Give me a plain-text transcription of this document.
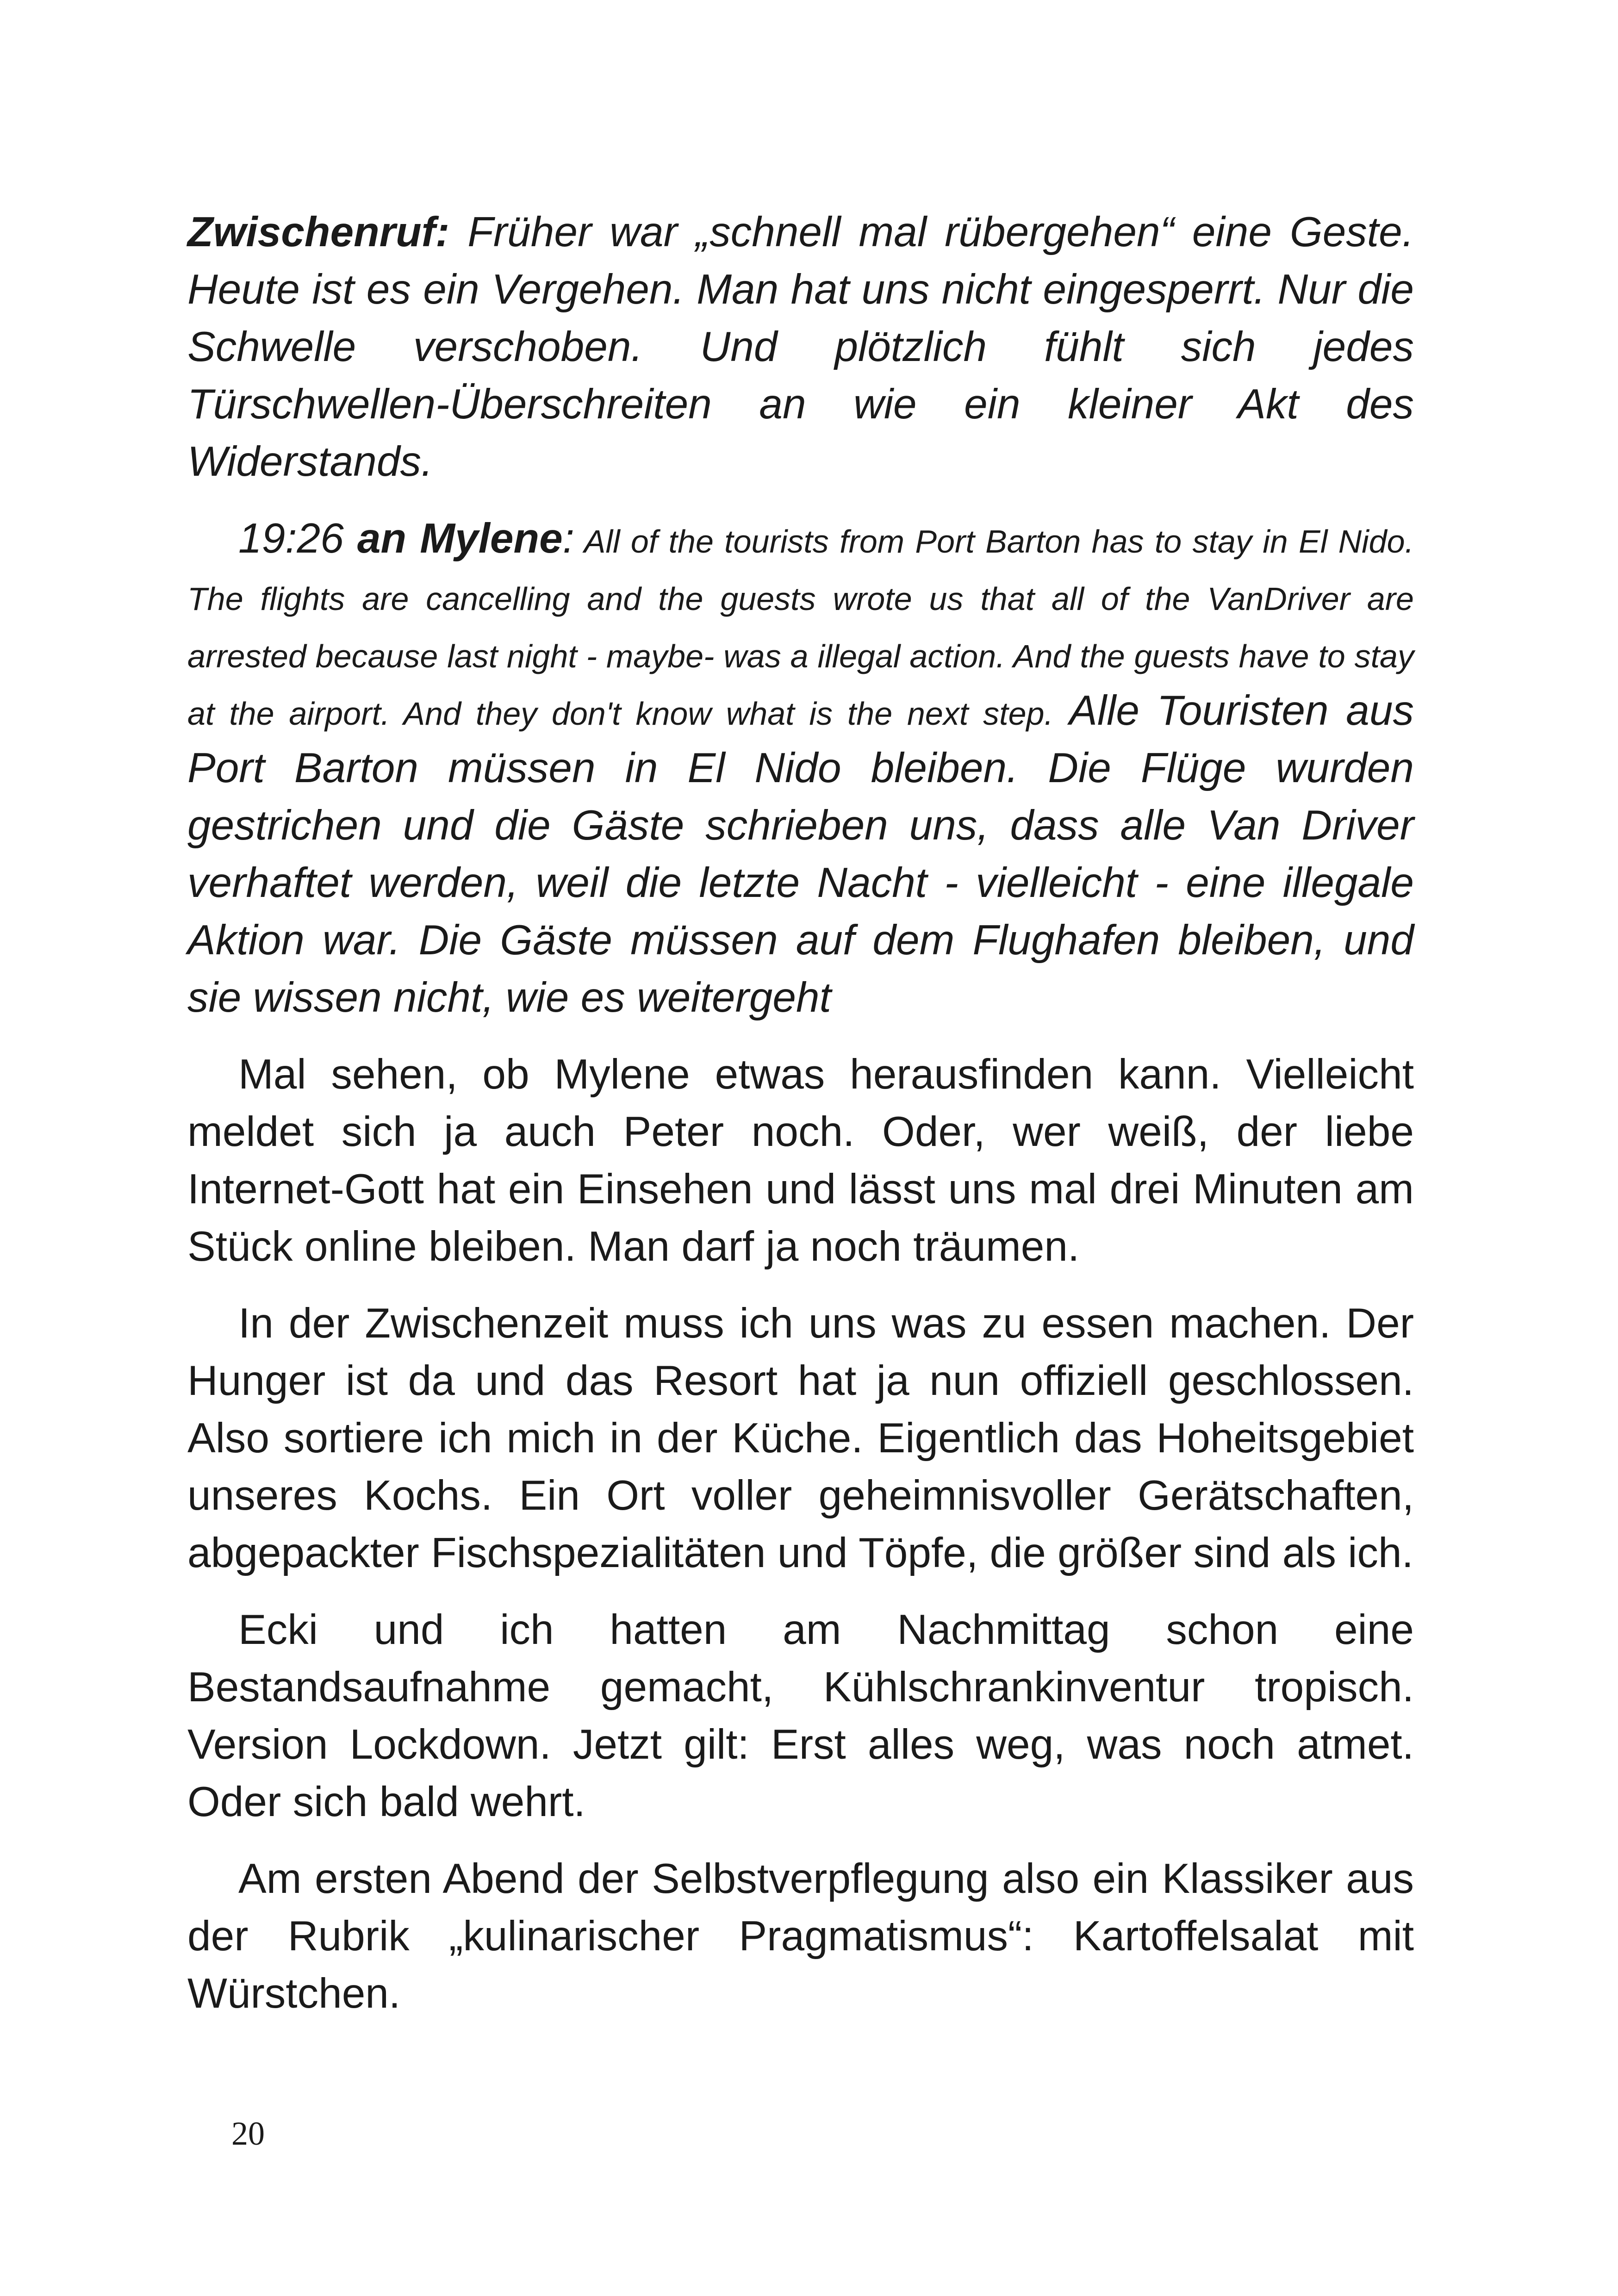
Zwischenruf: Früher war „schnell mal rübergehen“ eine Geste. Heute ist es ein Vergehen. Man hat uns nicht eingesperrt. Nur die Schwelle verschoben. Und plötzlich fühlt sich jedes Türschwellen-Überschreiten an wie ein kleiner Akt des Widerstands.

19:26 an Mylene: All of the tourists from Port Barton has to stay in El Nido. The flights are cancelling and the guests wrote us that all of the VanDriver are arrested because last night - maybe- was a illegal action. And the guests have to stay at the airport. And they don't know what is the next step. Alle Touristen aus Port Barton müssen in El Nido bleiben. Die Flüge wurden gestrichen und die Gäste schrieben uns, dass alle Van Driver verhaftet werden, weil die letzte Nacht - vielleicht - eine illegale Aktion war. Die Gäste müssen auf dem Flughafen bleiben, und sie wissen nicht, wie es weitergeht

Mal sehen, ob Mylene etwas herausfinden kann. Vielleicht meldet sich ja auch Peter noch. Oder, wer weiß, der liebe Internet-Gott hat ein Einsehen und lässt uns mal drei Minuten am Stück online bleiben. Man darf ja noch träumen.

In der Zwischenzeit muss ich uns was zu essen machen. Der Hunger ist da und das Resort hat ja nun offiziell geschlossen. Also sortiere ich mich in der Küche. Eigentlich das Hoheitsgebiet unseres Kochs. Ein Ort voller geheimnisvoller Gerätschaften, abgepackter Fischspezialitäten und Töpfe, die größer sind als ich.

Ecki und ich hatten am Nachmittag schon eine Bestandsaufnahme gemacht, Kühlschrankinventur tropisch. Version Lockdown. Jetzt gilt: Erst alles weg, was noch atmet. Oder sich bald wehrt.

Am ersten Abend der Selbstverpflegung also ein Klassiker aus der Rubrik „kulinarischer Pragmatismus“: Kartoffelsalat mit Würstchen.

20
